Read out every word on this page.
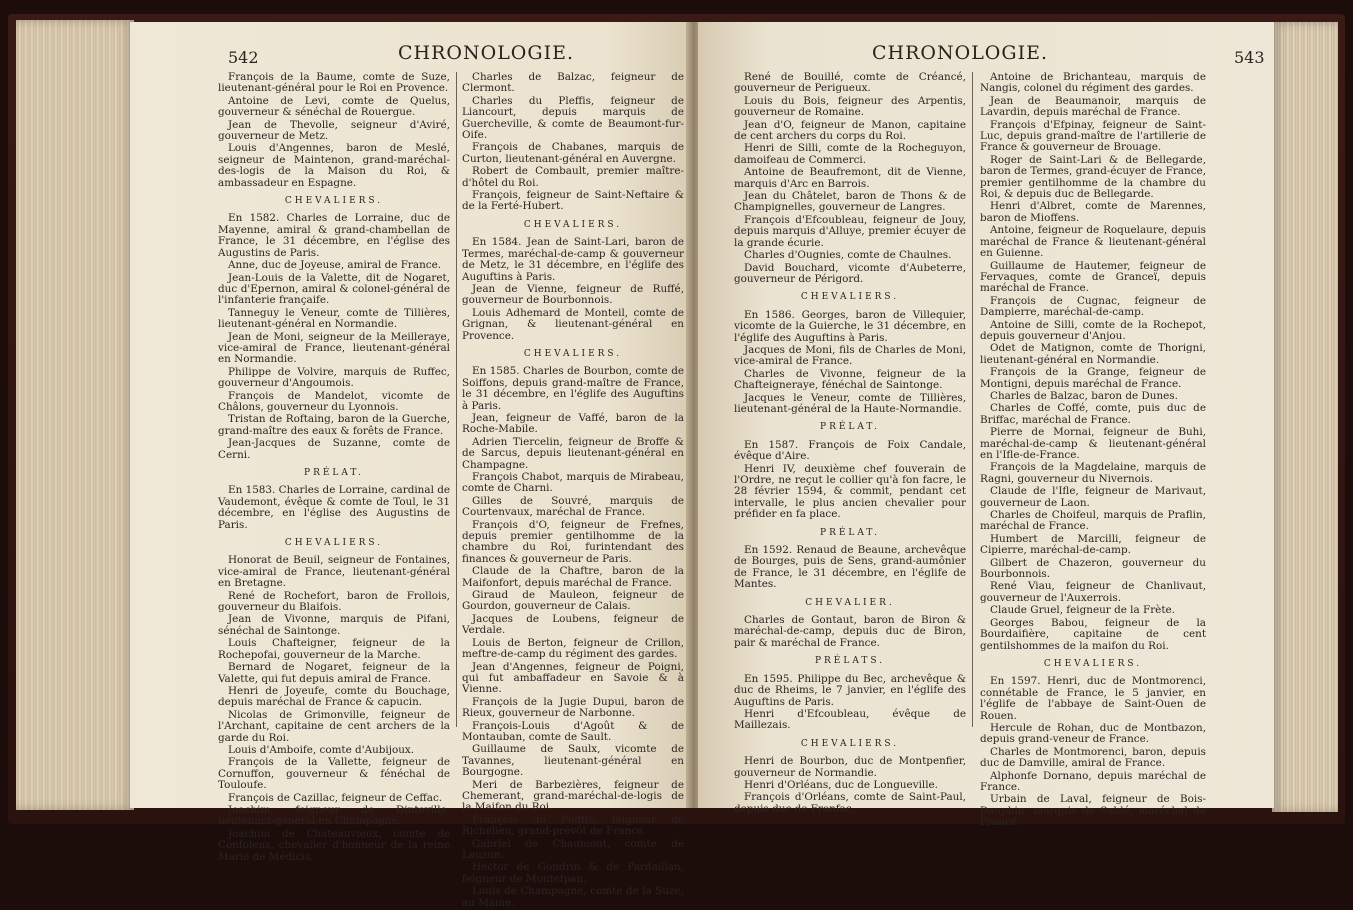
542	CHRONOLOGIE.

François de la Baume, comte de Suze, lieutenant-général pour le Roi en Provence.

Antoine de Levi, comte de Quelus, gouverneur & sénéchal de Rouergue.

Jean de Thevolle, seigneur d'Aviré, gouverneur de Metz.

Louis d'Angennes, baron de Meslé, seigneur de Maintenon, grand-maréchal-des-logis de la Maison du Roi, & ambassadeur en Espagne.

CHEVALIERS.

En 1582. Charles de Lorraine, duc de Mayenne, amiral & grand-chambellan de France, le 31 décembre, en l'église des Augustins de Paris.

Anne, duc de Joyeuse, amiral de France.

Jean-Louis de la Valette, dit de Nogaret, duc d'Epernon, amiral & colonel-général de l'infanterie françaife.

Tanneguy le Veneur, comte de Tillières, lieutenant-général en Normandie.

Jean de Moni, seigneur de la Meilleraye, vice-amiral de France, lieutenant-général en Normandie.

Philippe de Volvire, marquis de Ruffec, gouverneur d'Angoumois.

François de Mandelot, vicomte de Châlons, gouverneur du Lyonnois.

Tristan de Roftaing, baron de la Guerche, grand-maître des eaux & forêts de France.

Jean-Jacques de Suzanne, comte de Cerni.

PRÉLAT.

En 1583. Charles de Lorraine, cardinal de Vaudemont, évêque & comte de Toul, le 31 décembre, en l'église des Augustins de Paris.

CHEVALIERS.

Honorat de Beuil, seigneur de Fontaines, vice-amiral de France, lieutenant-général en Bretagne.

René de Rochefort, baron de Frollois, gouverneur du Blaifois.

Jean de Vivonne, marquis de Pifani, sénéchal de Saintonge.

Louis Chafteigner, feigneur de la Rochepofai, gouverneur de la Marche.

Bernard de Nogaret, feigneur de la Valette, qui fut depuis amiral de France.

Henri de Joyeufe, comte du Bouchage, depuis maréchal de France & capucin.

Nicolas de Grimonville, feigneur de l'Archant, capitaine de cent archers de la garde du Roi.

Louis d'Amboife, comte d'Aubijoux.

François de la Vallette, feigneur de Cornuffon, gouverneur & fénéchal de Touloufe.

François de Cazillac, feigneur de Ceffac.

Joachim, feigneur de Dinteville, lieutenant-général en Champagne.

Joachim de Chateauvieux, comte de Confolens, chevalier d'honneur de la reine Marie de Médicis.

Charles de Balzac, feigneur de Clermont.

Charles du Pleffis, feigneur de Liancourt, depuis marquis de Guercheville, & comte de Beaumont-fur-Oife.

François de Chabanes, marquis de Curton, lieutenant-général en Auvergne.

Robert de Combault, premier maître-d'hôtel du Roi.

François, feigneur de Saint-Neftaire & de la Ferté-Hubert.

CHEVALIERS.

En 1584. Jean de Saint-Lari, baron de Termes, maréchal-de-camp & gouverneur de Metz, le 31 décembre, en l'églife des Auguftins à Paris.

Jean de Vienne, feigneur de Ruffé, gouverneur de Bourbonnois.

Louis Adhemard de Monteil, comte de Grignan, & lieutenant-général en Provence.

CHEVALIERS.

En 1585. Charles de Bourbon, comte de Soiffons, depuis grand-maître de France, le 31 décembre, en l'églife des Auguftins à Paris.

Jean, feigneur de Vaffé, baron de la Roche-Mabile.

Adrien Tiercelin, feigneur de Broffe & de Sarcus, depuis lieutenant-général en Champagne.

François Chabot, marquis de Mirabeau, comte de Charni.

Gilles de Souvré, marquis de Courtenvaux, maréchal de France.

François d'O, feigneur de Frefnes, depuis premier gentilhomme de la chambre du Roi, furintendant des finances & gouverneur de Paris.

Claude de la Chaftre, baron de la Maifonfort, depuis maréchal de France.

Giraud de Mauleon, feigneur de Gourdon, gouverneur de Calais.

Jacques de Loubens, feigneur de Verdale.

Louis de Berton, feigneur de Crillon, meftre-de-camp du régiment des gardes.

Jean d'Angennes, feigneur de Poigni, qui fut ambaffadeur en Savoie & à Vienne.

François de la Jugie Dupui, baron de Rieux, gouverneur de Narbonne.

François-Louis d'Agoût & de Montauban, comte de Sault.

Guillaume de Saulx, vicomte de Tavannes, lieutenant-général en Bourgogne.

Meri de Barbezières, feigneur de Chemerant, grand-maréchal-de-logis de la Maifon du Roi.

François du Pleffis, feigneur de Richelieu, grand-prévôt de France.

Gabriel de Chaumont, comte de Lauzun.

Hector de Gondrin & de Pardaillan, feigneur de Montefpan.

Louis de Champagne, comte de la Suze, au Maine.

CHRONOLOGIE.	543

René de Bouillé, comte de Créancé, gouverneur de Perigueux.

Louis du Bois, feigneur des Arpentis, gouverneur de Romaine.

Jean d'O, feigneur de Manon, capitaine de cent archers du corps du Roi.

Henri de Silli, comte de la Rocheguyon, damoifeau de Commerci.

Antoine de Beaufremont, dit de Vienne, marquis d'Arc en Barrois.

Jean du Châtelet, baron de Thons & de Champignelles, gouverneur de Langres.

François d'Efcoubleau, feigneur de Jouy, depuis marquis d'Alluye, premier écuyer de la grande écurie.

Charles d'Ougnies, comte de Chaulnes.

David Bouchard, vicomte d'Aubeterre, gouverneur de Périgord.

CHEVALIERS.

En 1586. Georges, baron de Villequier, vicomte de la Guierche, le 31 décembre, en l'églife des Auguftins à Paris.

Jacques de Moni, fils de Charles de Moni, vice-amiral de France.

Charles de Vivonne, feigneur de la Chafteigneraye, fénéchal de Saintonge.

Jacques le Veneur, comte de Tillières, lieutenant-général de la Haute-Normandie.

PRÉLAT.

En 1587. François de Foix Candale, évêque d'Aire.

Henri IV, deuxième chef fouverain de l'Ordre, ne reçut le collier qu'à fon facre, le 28 février 1594, & commit, pendant cet intervalle, le plus ancien chevalier pour préfider en fa place.

PRÉLAT.

En 1592. Renaud de Beaune, archevêque de Bourges, puis de Sens, grand-aumônier de France, le 31 décembre, en l'églife de Mantes.

CHEVALIER.

Charles de Gontaut, baron de Biron & maréchal-de-camp, depuis duc de Biron, pair & maréchal de France.

PRÉLATS.

En 1595. Philippe du Bec, archevêque & duc de Rheims, le 7 janvier, en l'églife des Auguftins de Paris.

Henri d'Efcoubleau, évêque de Maillezais.

CHEVALIERS.

Henri de Bourbon, duc de Montpenfier, gouverneur de Normandie.

Henri d'Orléans, duc de Longueville.

François d'Orléans, comte de Saint-Paul, depuis duc de Fronfac.

Antoine de Brichanteau, marquis de Nangis, colonel du régiment des gardes.

Jean de Beaumanoir, marquis de Lavardin, depuis maréchal de France.

François d'Efpinay, feigneur de Saint-Luc, depuis grand-maître de l'artillerie de France & gouverneur de Brouage.

Roger de Saint-Lari & de Bellegarde, baron de Termes, grand-écuyer de France, premier gentilhomme de la chambre du Roi, & depuis duc de Bellegarde.

Henri d'Albret, comte de Marennes, baron de Mioffens.

Antoine, feigneur de Roquelaure, depuis maréchal de France & lieutenant-général en Guienne.

Guillaume de Hautemer, feigneur de Fervaques, comte de Granceï, depuis maréchal de France.

François de Cugnac, feigneur de Dampierre, maréchal-de-camp.

Antoine de Silli, comte de la Rochepot, depuis gouverneur d'Anjou.

Odet de Matignon, comte de Thorigni, lieutenant-général en Normandie.

François de la Grange, feigneur de Montigni, depuis maréchal de France.

Charles de Balzac, baron de Dunes.

Charles de Coffé, comte, puis duc de Briffac, maréchal de France.

Pierre de Mornai, feigneur de Buhi, maréchal-de-camp & lieutenant-général en l'Ifle-de-France.

François de la Magdelaine, marquis de Ragni, gouverneur du Nivernois.

Claude de l'Ifle, feigneur de Marivaut, gouverneur de Laon.

Charles de Choifeul, marquis de Praflin, maréchal de France.

Humbert de Marcilli, feigneur de Cipierre, maréchal-de-camp.

Gilbert de Chazeron, gouverneur du Bourbonnois.

René Viau, feigneur de Chanlivaut, gouverneur de l'Auxerrois.

Claude Gruel, feigneur de la Frète.

Georges Babou, feigneur de la Bourdaifière, capitaine de cent gentilshommes de la maifon du Roi.

CHEVALIERS.

En 1597. Henri, duc de Montmorenci, connétable de France, le 5 janvier, en l'églife de l'abbaye de Saint-Ouen de Rouen.

Hercule de Rohan, duc de Montbazon, depuis grand-veneur de France.

Charles de Montmorenci, baron, depuis duc de Damville, amiral de France.

Alphonfe Dornano, depuis maréchal de France.

Urbain de Laval, feigneur de Bois-Dauphin, marquis de Sablé, maréchal de France.
